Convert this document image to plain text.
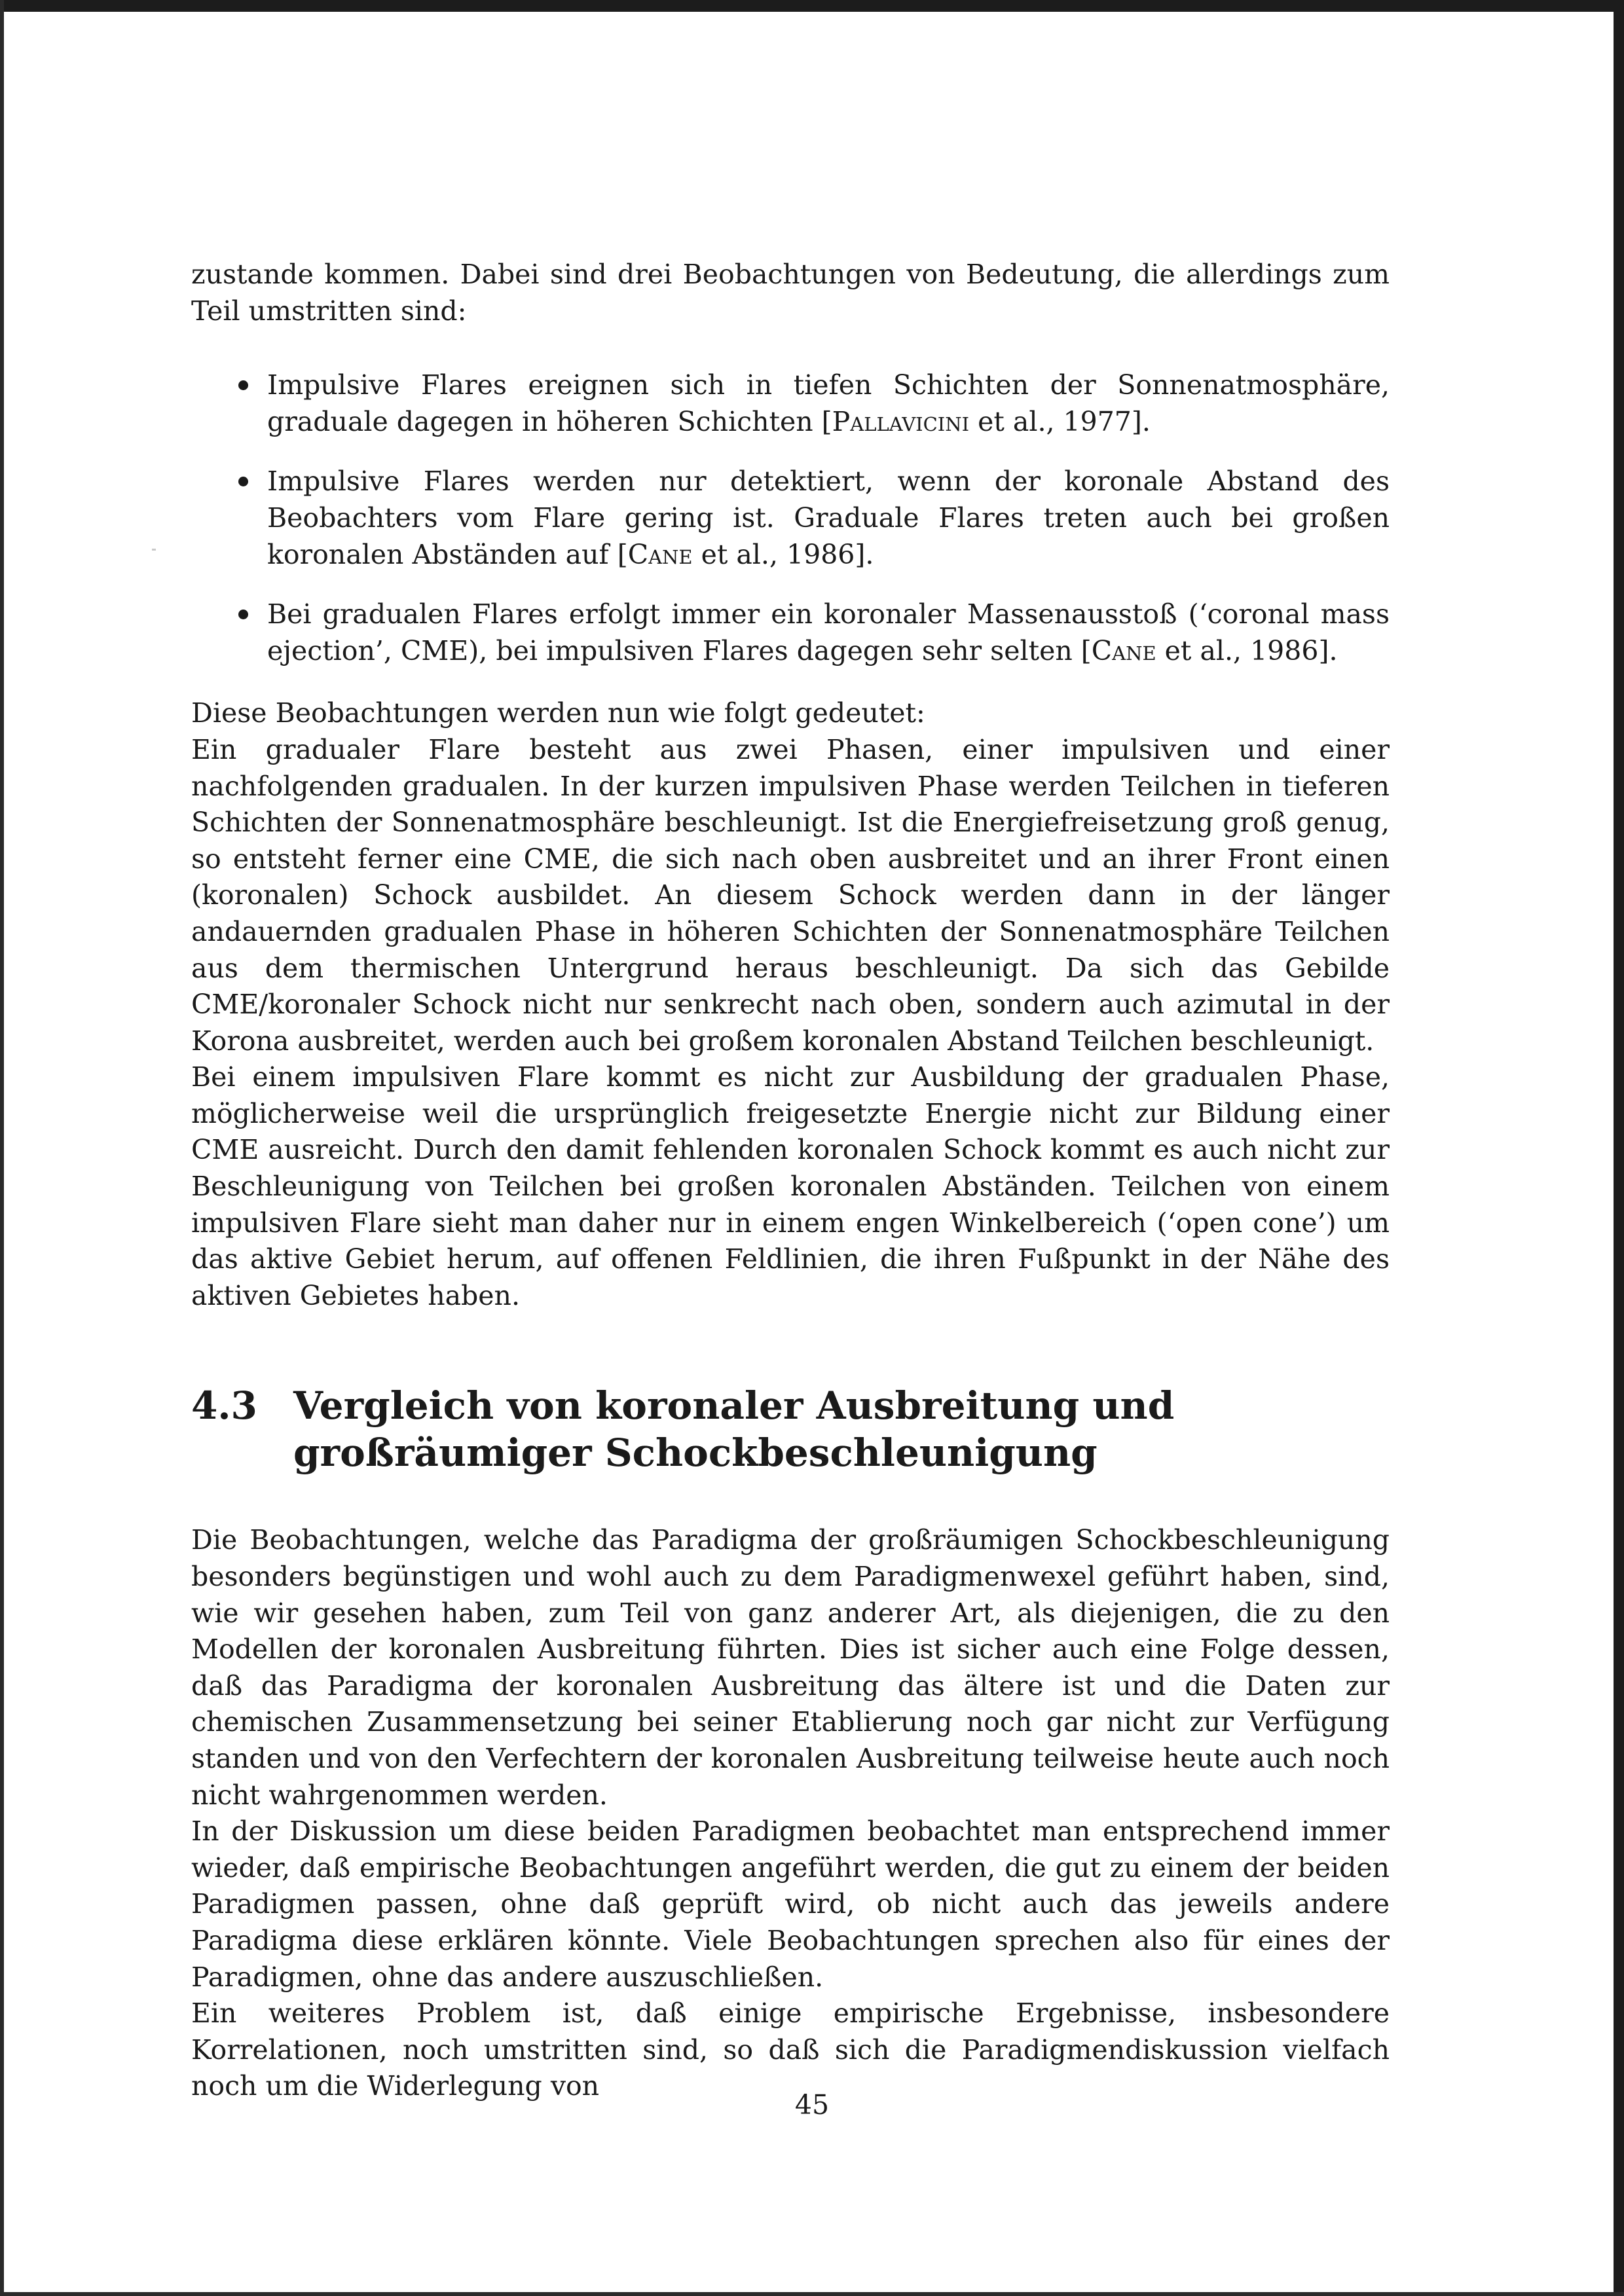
zustande kommen. Dabei sind drei Beobachtungen von Bedeutung, die allerdings zum Teil umstritten sind:

Impulsive Flares ereignen sich in tiefen Schichten der Sonnenatmosphäre, graduale dagegen in höheren Schichten [Pallavicini et al., 1977].
Impulsive Flares werden nur detektiert, wenn der koronale Abstand des Beobachters vom Flare gering ist. Graduale Flares treten auch bei großen koronalen Abständen auf [Cane et al., 1986].
Bei gradualen Flares erfolgt immer ein koronaler Massenausstoß (‘coronal mass ejection’, CME), bei impulsiven Flares dagegen sehr selten [Cane et al., 1986].

Diese Beobachtungen werden nun wie folgt gedeutet:

Ein gradualer Flare besteht aus zwei Phasen, einer impulsiven und einer nachfolgenden gradualen. In der kurzen impulsiven Phase werden Teilchen in tieferen Schichten der Sonnenatmosphäre beschleunigt. Ist die Energiefreisetzung groß genug, so entsteht ferner eine CME, die sich nach oben ausbreitet und an ihrer Front einen (koronalen) Schock ausbildet. An diesem Schock werden dann in der länger andauernden gradualen Phase in höheren Schichten der Sonnenatmosphäre Teilchen aus dem thermischen Untergrund heraus beschleunigt. Da sich das Gebilde CME/koronaler Schock nicht nur senkrecht nach oben, sondern auch azimutal in der Korona ausbreitet, werden auch bei großem koronalen Abstand Teilchen beschleunigt.

Bei einem impulsiven Flare kommt es nicht zur Ausbildung der gradualen Phase, möglicherweise weil die ursprünglich freigesetzte Energie nicht zur Bildung einer CME ausreicht. Durch den damit fehlenden koronalen Schock kommt es auch nicht zur Beschleunigung von Teilchen bei großen koronalen Abständen. Teilchen von einem impulsiven Flare sieht man daher nur in einem engen Winkelbereich (‘open cone’) um das aktive Gebiet herum, auf offenen Feldlinien, die ihren Fußpunkt in der Nähe des aktiven Gebietes haben.

4.3 Vergleich von koronaler Ausbreitung und großräumiger Schockbeschleunigung

Die Beobachtungen, welche das Paradigma der großräumigen Schockbeschleunigung besonders begünstigen und wohl auch zu dem Paradigmenwexel geführt haben, sind, wie wir gesehen haben, zum Teil von ganz anderer Art, als diejenigen, die zu den Modellen der koronalen Ausbreitung führten. Dies ist sicher auch eine Folge dessen, daß das Paradigma der koronalen Ausbreitung das ältere ist und die Daten zur chemischen Zusammensetzung bei seiner Etablierung noch gar nicht zur Verfügung standen und von den Verfechtern der koronalen Ausbreitung teilweise heute auch noch nicht wahrgenommen werden.

In der Diskussion um diese beiden Paradigmen beobachtet man entsprechend immer wieder, daß empirische Beobachtungen angeführt werden, die gut zu einem der beiden Paradigmen passen, ohne daß geprüft wird, ob nicht auch das jeweils andere Paradigma diese erklären könnte. Viele Beobachtungen sprechen also für eines der Paradigmen, ohne das andere auszuschließen.

Ein weiteres Problem ist, daß einige empirische Ergebnisse, insbesondere Korrelationen, noch umstritten sind, so daß sich die Paradigmendiskussion vielfach noch um die Widerlegung von

45
